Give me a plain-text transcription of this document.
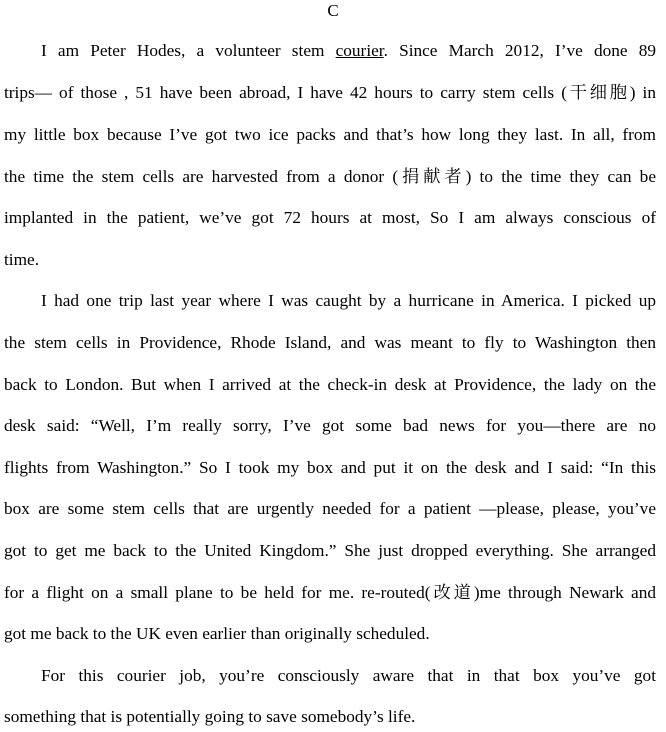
C

I am Peter Hodes, a volunteer stem courier. Since March 2012, I’ve done 89

trips— of those , 51 have been abroad, I have 42 hours to carry stem cells (干细胞) in

my little box because I’ve got two ice packs and that’s how long they last. In all, from

the time the stem cells are harvested from a donor (捐献者) to the time they can be

implanted in the patient, we’ve got 72 hours at most, So I am always conscious of

time.

I had one trip last year where I was caught by a hurricane in America. I picked up

the stem cells in Providence, Rhode Island, and was meant to fly to Washington then

back to London. But when I arrived at the check-in desk at Providence, the lady on the

desk said: “Well, I’m really sorry, I’ve got some bad news for you—there are no

flights from Washington.” So I took my box and put it on the desk and I said: “In this

box are some stem cells that are urgently needed for a patient —please, please, you’ve

got to get me back to the United Kingdom.” She just dropped everything. She arranged

for a flight on a small plane to be held for me. re-routed(改道)me through Newark and

got me back to the UK even earlier than originally scheduled.

For this courier job, you’re consciously aware that in that box you’ve got

something that is potentially going to save somebody’s life.
